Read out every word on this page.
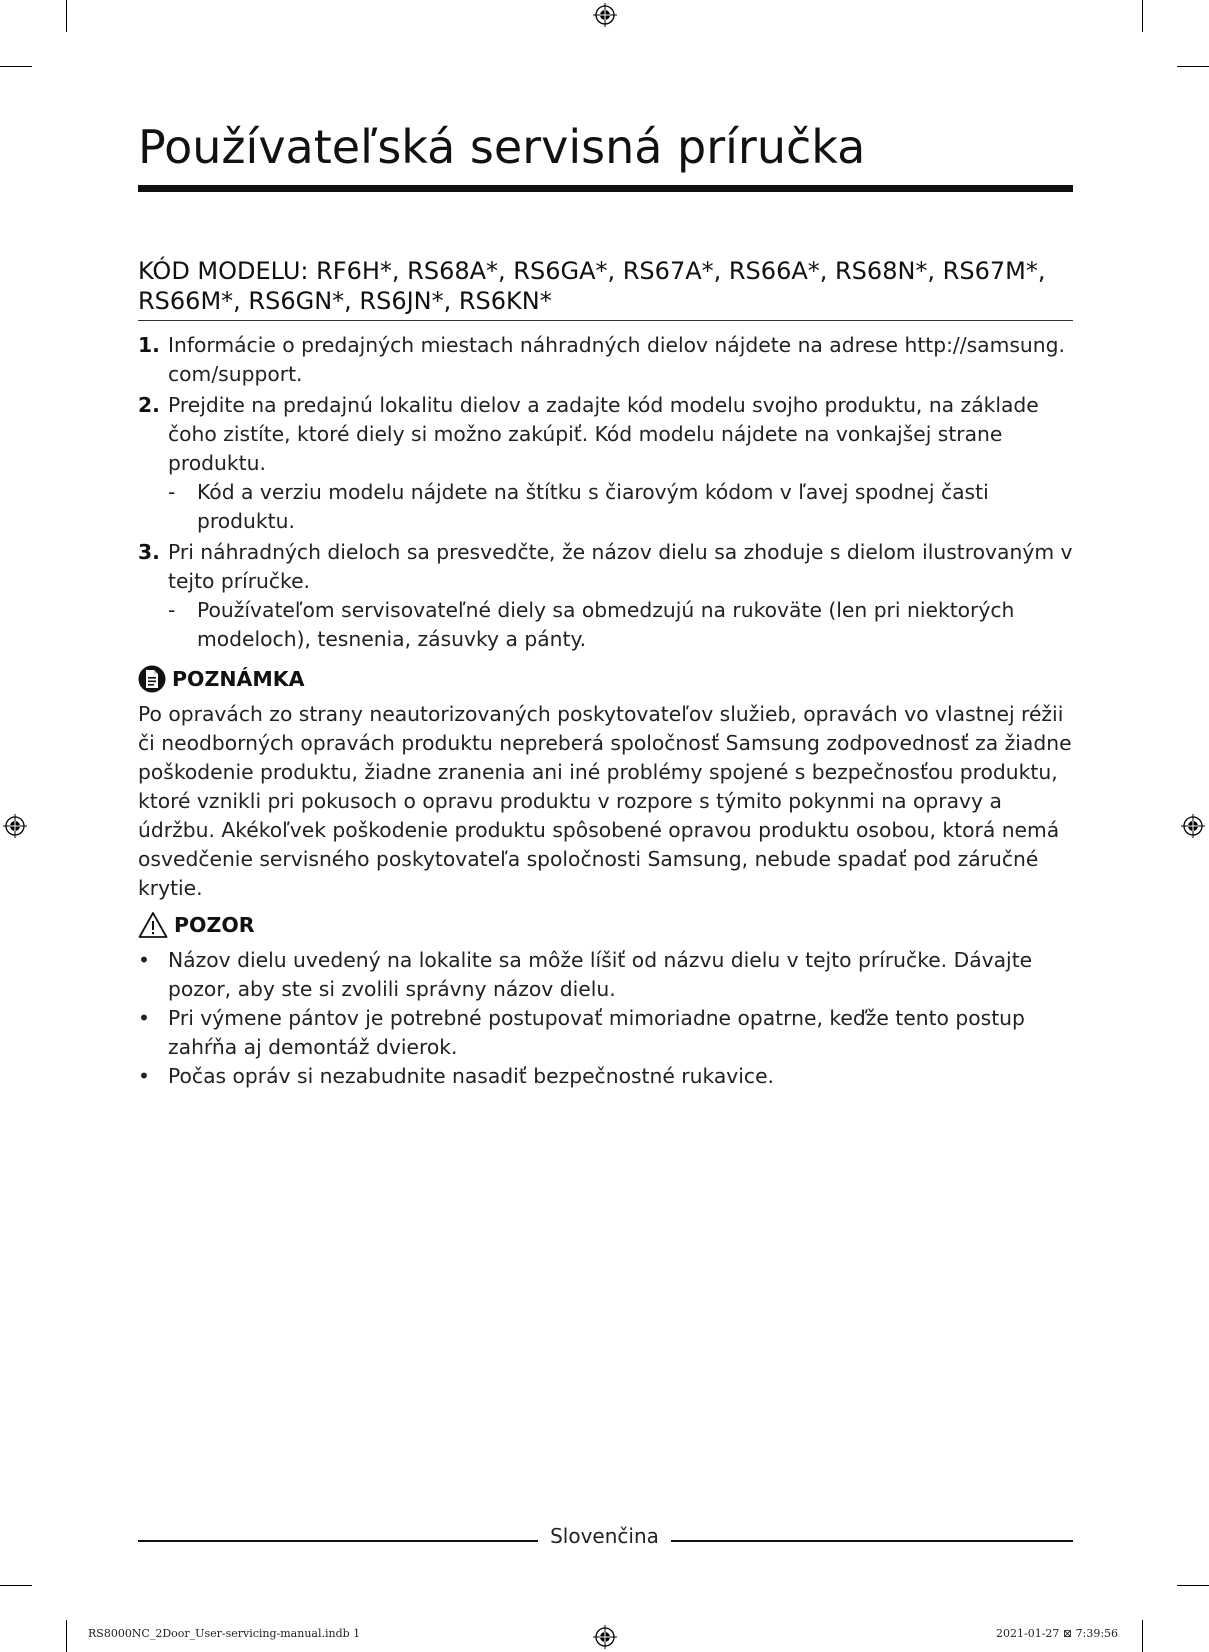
Používateľská servisná príručka
KÓD MODELU: RF6H*, RS68A*, RS6GA*, RS67A*, RS66A*, RS68N*, RS67M*,
RS66M*, RS6GN*, RS6JN*, RS6KN*
1. Informácie o predajných miestach náhradných dielov nájdete na adrese http://samsung. com/support.
2. Prejdite na predajnú lokalitu dielov a zadajte kód modelu svojho produktu, na základe čoho zistíte, ktoré diely si možno zakúpiť. Kód modelu nájdete na vonkajšej strane produktu.
- Kód a verziu modelu nájdete na štítku s čiarovým kódom v ľavej spodnej časti produktu.
3. Pri náhradných dieloch sa presvedčte, že názov dielu sa zhoduje s dielom ilustrovaným v tejto príručke.
- Používateľom servisovateľné diely sa obmedzujú na rukoväte (len pri niektorých modeloch), tesnenia, zásuvky a pánty.
POZNÁMKA

Po opravách zo strany neautorizovaných poskytovateľov služieb, opravách vo vlastnej réžii či neodborných opravách produktu nepreberá spoločnosť Samsung zodpovednosť za žiadne poškodenie produktu, žiadne zranenia ani iné problémy spojené s bezpečnosťou produktu, ktoré vznikli pri pokusoch o opravu produktu v rozpore s týmito pokynmi na opravy a údržbu. Akékoľvek poškodenie produktu spôsobené opravou produktu osobou, ktorá nemá osvedčenie servisného poskytovateľa spoločnosti Samsung, nebude spadať pod záručné krytie.

POZOR
• Názov dielu uvedený na lokalite sa môže líšiť od názvu dielu v tejto príručke. Dávajte pozor, aby ste si zvolili správny názov dielu.
• Pri výmene pántov je potrebné postupovať mimoriadne opatrne, keďže tento postup zahŕňa aj demontáž dvierok.
• Počas opráv si nezabudnite nasadiť bezpečnostné rukavice.
Slovenčina
RS8000NC_2Door_User-servicing-manual.indb 1	2021-01-27 ⊠ 7:39:56
